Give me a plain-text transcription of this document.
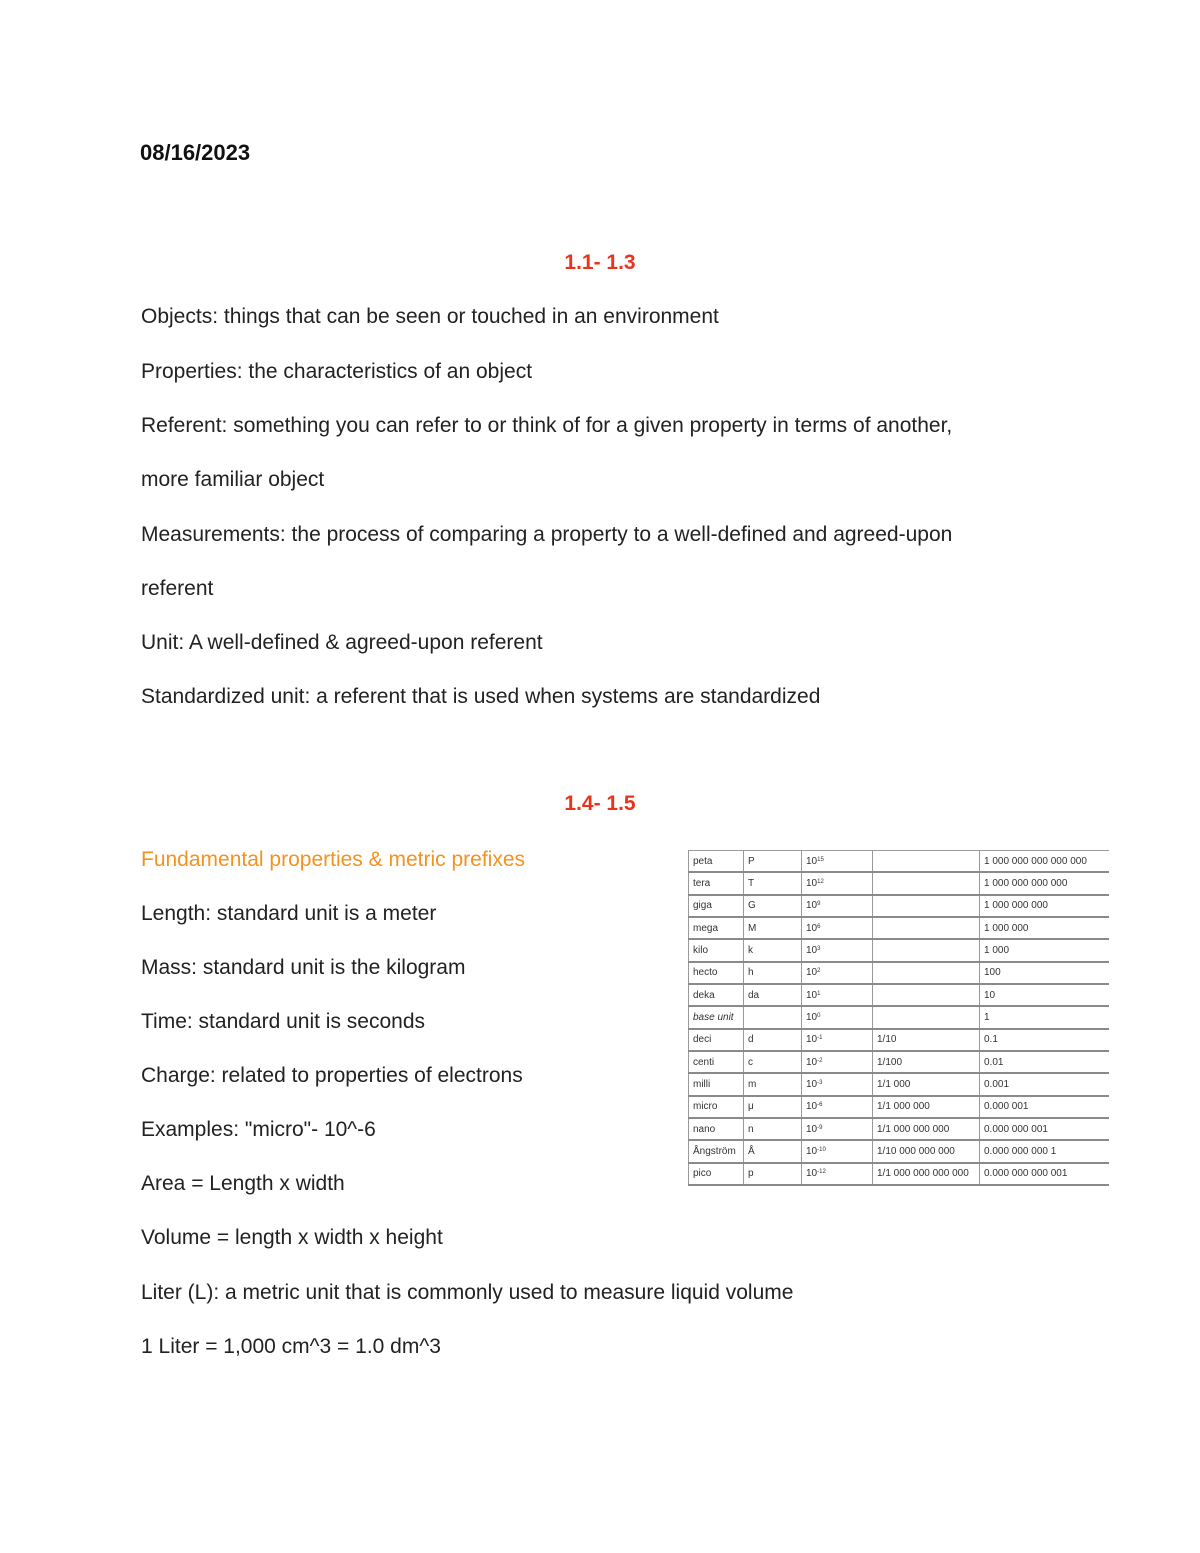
08/16/2023
1.1- 1.3
Objects: things that can be seen or touched in an environment
Properties: the characteristics of an object
Referent: something you can refer to or think of for a given property in terms of another,
more familiar object
Measurements: the process of comparing a property to a well-defined and agreed-upon
referent
Unit: A well-defined & agreed-upon referent
Standardized unit: a referent that is used when systems are standardized
1.4- 1.5
Fundamental properties & metric prefixes
Length: standard unit is a meter
Mass: standard unit is the kilogram
Time: standard unit is seconds
Charge: related to properties of electrons
Examples: "micro"- 10^-6
Area = Length x width
Volume = length x width x height
Liter (L): a metric unit that is commonly used to measure liquid volume
1 Liter = 1,000 cm^3 = 1.0 dm^3
peta	P	$10^{15}$		1 000 000 000 000 000
tera	T	$10^{12}$		1 000 000 000 000
giga	G	$10^9$		1 000 000 000
mega	M	$10^6$		1 000 000
kilo	k	$10^3$		1 000
hecto	h	$10^2$		100
deka	da	$10^1$		10
base unit		$10^0$		1
deci	d	$10^{-1}$	1/10	0.1
centi	c	$10^{-2}$	1/100	0.01
milli	m	$10^{-3}$	1/1 000	0.001
micro	μ	$10^{-6}$	1/1 000 000	0.000 001
nano	n	$10^{-9}$	1/1 000 000 000	0.000 000 001
Ångström	Å	$10^{-10}$	1/10 000 000 000	0.000 000 000 1
pico	p	$10^{-12}$	1/1 000 000 000 000	0.000 000 000 001
